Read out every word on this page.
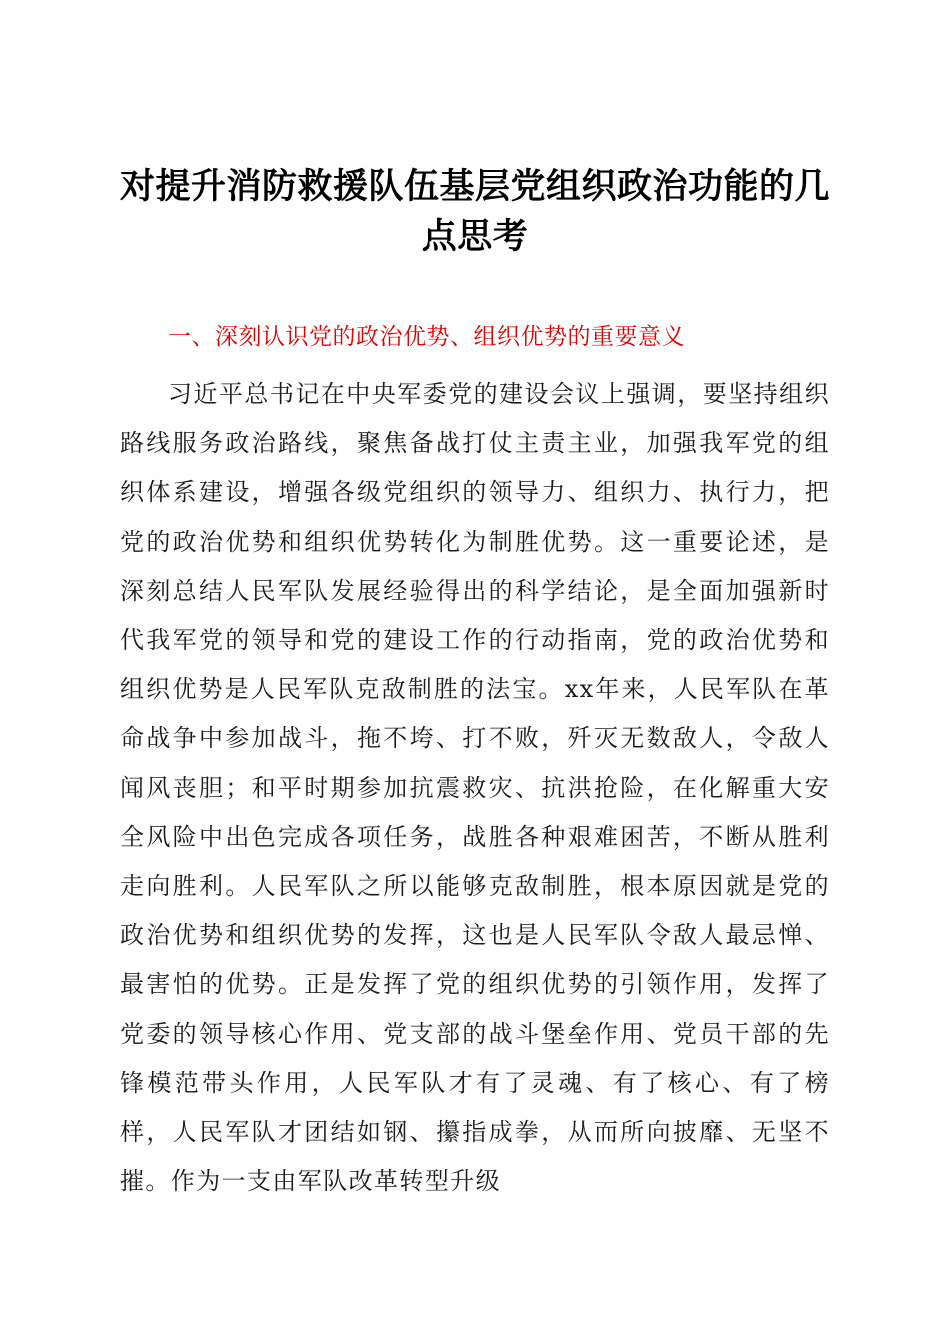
对提升消防救援队伍基层党组织政治功能的几点思考
一、深刻认识党的政治优势、组织优势的重要意义

习近平总书记在中央军委党的建设会议上强调，要坚持组织路线服务政治路线，聚焦备战打仗主责主业，加强我军党的组织体系建设，增强各级党组织的领导力、组织力、执行力，把党的政治优势和组织优势转化为制胜优势。这一重要论述，是深刻总结人民军队发展经验得出的科学结论，是全面加强新时代我军党的领导和党的建设工作的行动指南，党的政治优势和组织优势是人民军队克敌制胜的法宝。xx年来，人民军队在革命战争中参加战斗，拖不垮、打不败，歼灭无数敌人，令敌人闻风丧胆；和平时期参加抗震救灾、抗洪抢险，在化解重大安全风险中出色完成各项任务，战胜各种艰难困苦，不断从胜利走向胜利。人民军队之所以能够克敌制胜，根本原因就是党的政治优势和组织优势的发挥，这也是人民军队令敌人最忌惮、最害怕的优势。正是发挥了党的组织优势的引领作用，发挥了党委的领导核心作用、党支部的战斗堡垒作用、党员干部的先锋模范带头作用，人民军队才有了灵魂、有了核心、有了榜样，人民军队才团结如钢、攥指成拳，从而所向披靡、无坚不摧。作为一支由军队改革转型升级
